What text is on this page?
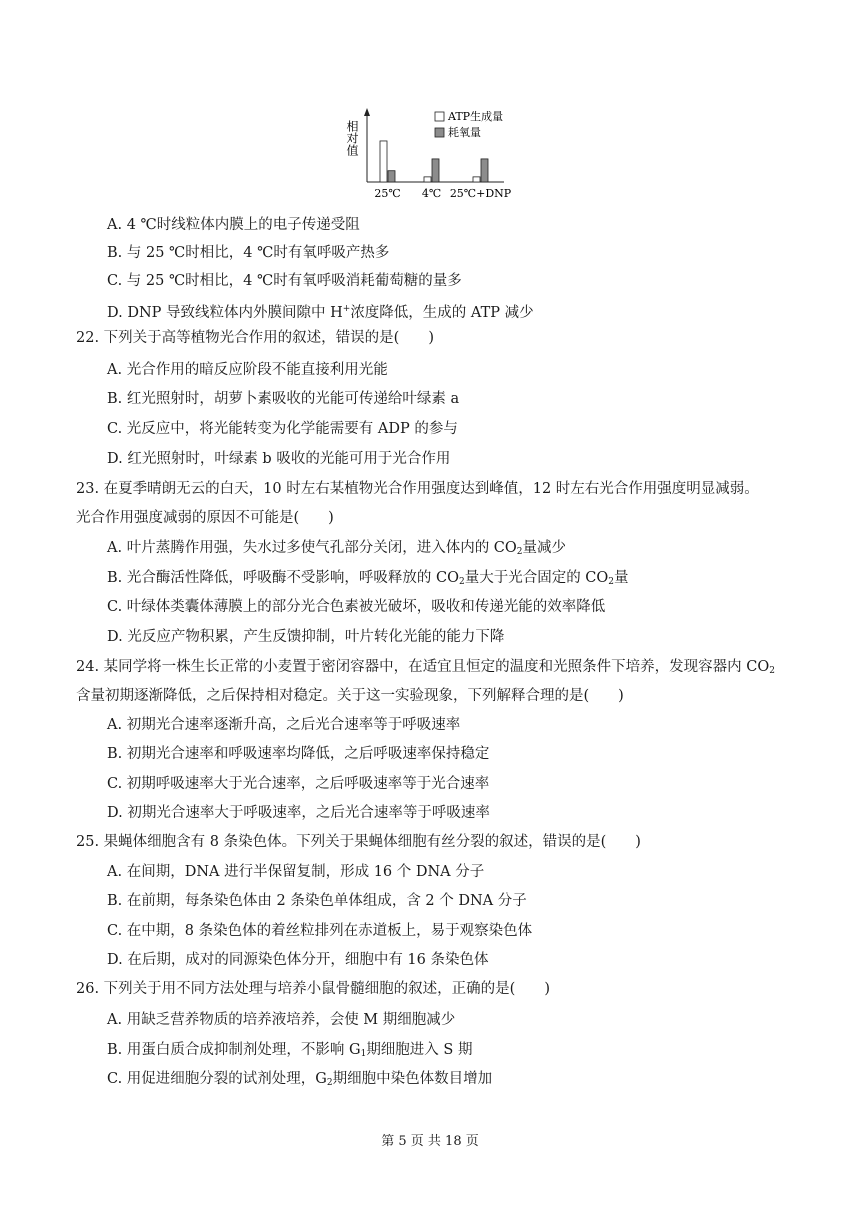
相对值
25℃ 4℃ 25℃+DNP
ATP生成量
耗氧量
A. 4 ℃时线粒体内膜上的电子传递受阻
B. 与 25 ℃时相比，4 ℃时有氧呼吸产热多
C. 与 25 ℃时相比，4 ℃时有氧呼吸消耗葡萄糖的量多
D. DNP 导致线粒体内外膜间隙中 H+浓度降低，生成的 ATP 减少
22. 下列关于高等植物光合作用的叙述，错误的是(　　)
A. 光合作用的暗反应阶段不能直接利用光能
B. 红光照射时，胡萝卜素吸收的光能可传递给叶绿素 a
C. 光反应中，将光能转变为化学能需要有 ADP 的参与
D. 红光照射时，叶绿素 b 吸收的光能可用于光合作用
23. 在夏季晴朗无云的白天，10 时左右某植物光合作用强度达到峰值，12 时左右光合作用强度明显减弱。
光合作用强度减弱的原因不可能是(　　)
A. 叶片蒸腾作用强，失水过多使气孔部分关闭，进入体内的 $CO_2$量减少
B. 光合酶活性降低，呼吸酶不受影响，呼吸释放的 $CO_2$量大于光合固定的 $CO_2$量
C. 叶绿体类囊体薄膜上的部分光合色素被光破坏，吸收和传递光能的效率降低
D. 光反应产物积累，产生反馈抑制，叶片转化光能的能力下降
24. 某同学将一株生长正常的小麦置于密闭容器中，在适宜且恒定的温度和光照条件下培养，发现容器内 $CO_2$
含量初期逐渐降低，之后保持相对稳定。关于这一实验现象，下列解释合理的是(　　)
A. 初期光合速率逐渐升高，之后光合速率等于呼吸速率
B. 初期光合速率和呼吸速率均降低，之后呼吸速率保持稳定
C. 初期呼吸速率大于光合速率，之后呼吸速率等于光合速率
D. 初期光合速率大于呼吸速率，之后光合速率等于呼吸速率
25. 果蝇体细胞含有 8 条染色体。下列关于果蝇体细胞有丝分裂的叙述，错误的是(　　)
A. 在间期，DNA 进行半保留复制，形成 16 个 DNA 分子
B. 在前期，每条染色体由 2 条染色单体组成，含 2 个 DNA 分子
C. 在中期，8 条染色体的着丝粒排列在赤道板上，易于观察染色体
D. 在后期，成对的同源染色体分开，细胞中有 16 条染色体
26. 下列关于用不同方法处理与培养小鼠骨髓细胞的叙述，正确的是(　　)
A. 用缺乏营养物质的培养液培养，会使 M 期细胞减少
B. 用蛋白质合成抑制剂处理，不影响 $G_1$期细胞进入 S 期
C. 用促进细胞分裂的试剂处理，$G_2$期细胞中染色体数目增加
第 5 页 共 18 页
